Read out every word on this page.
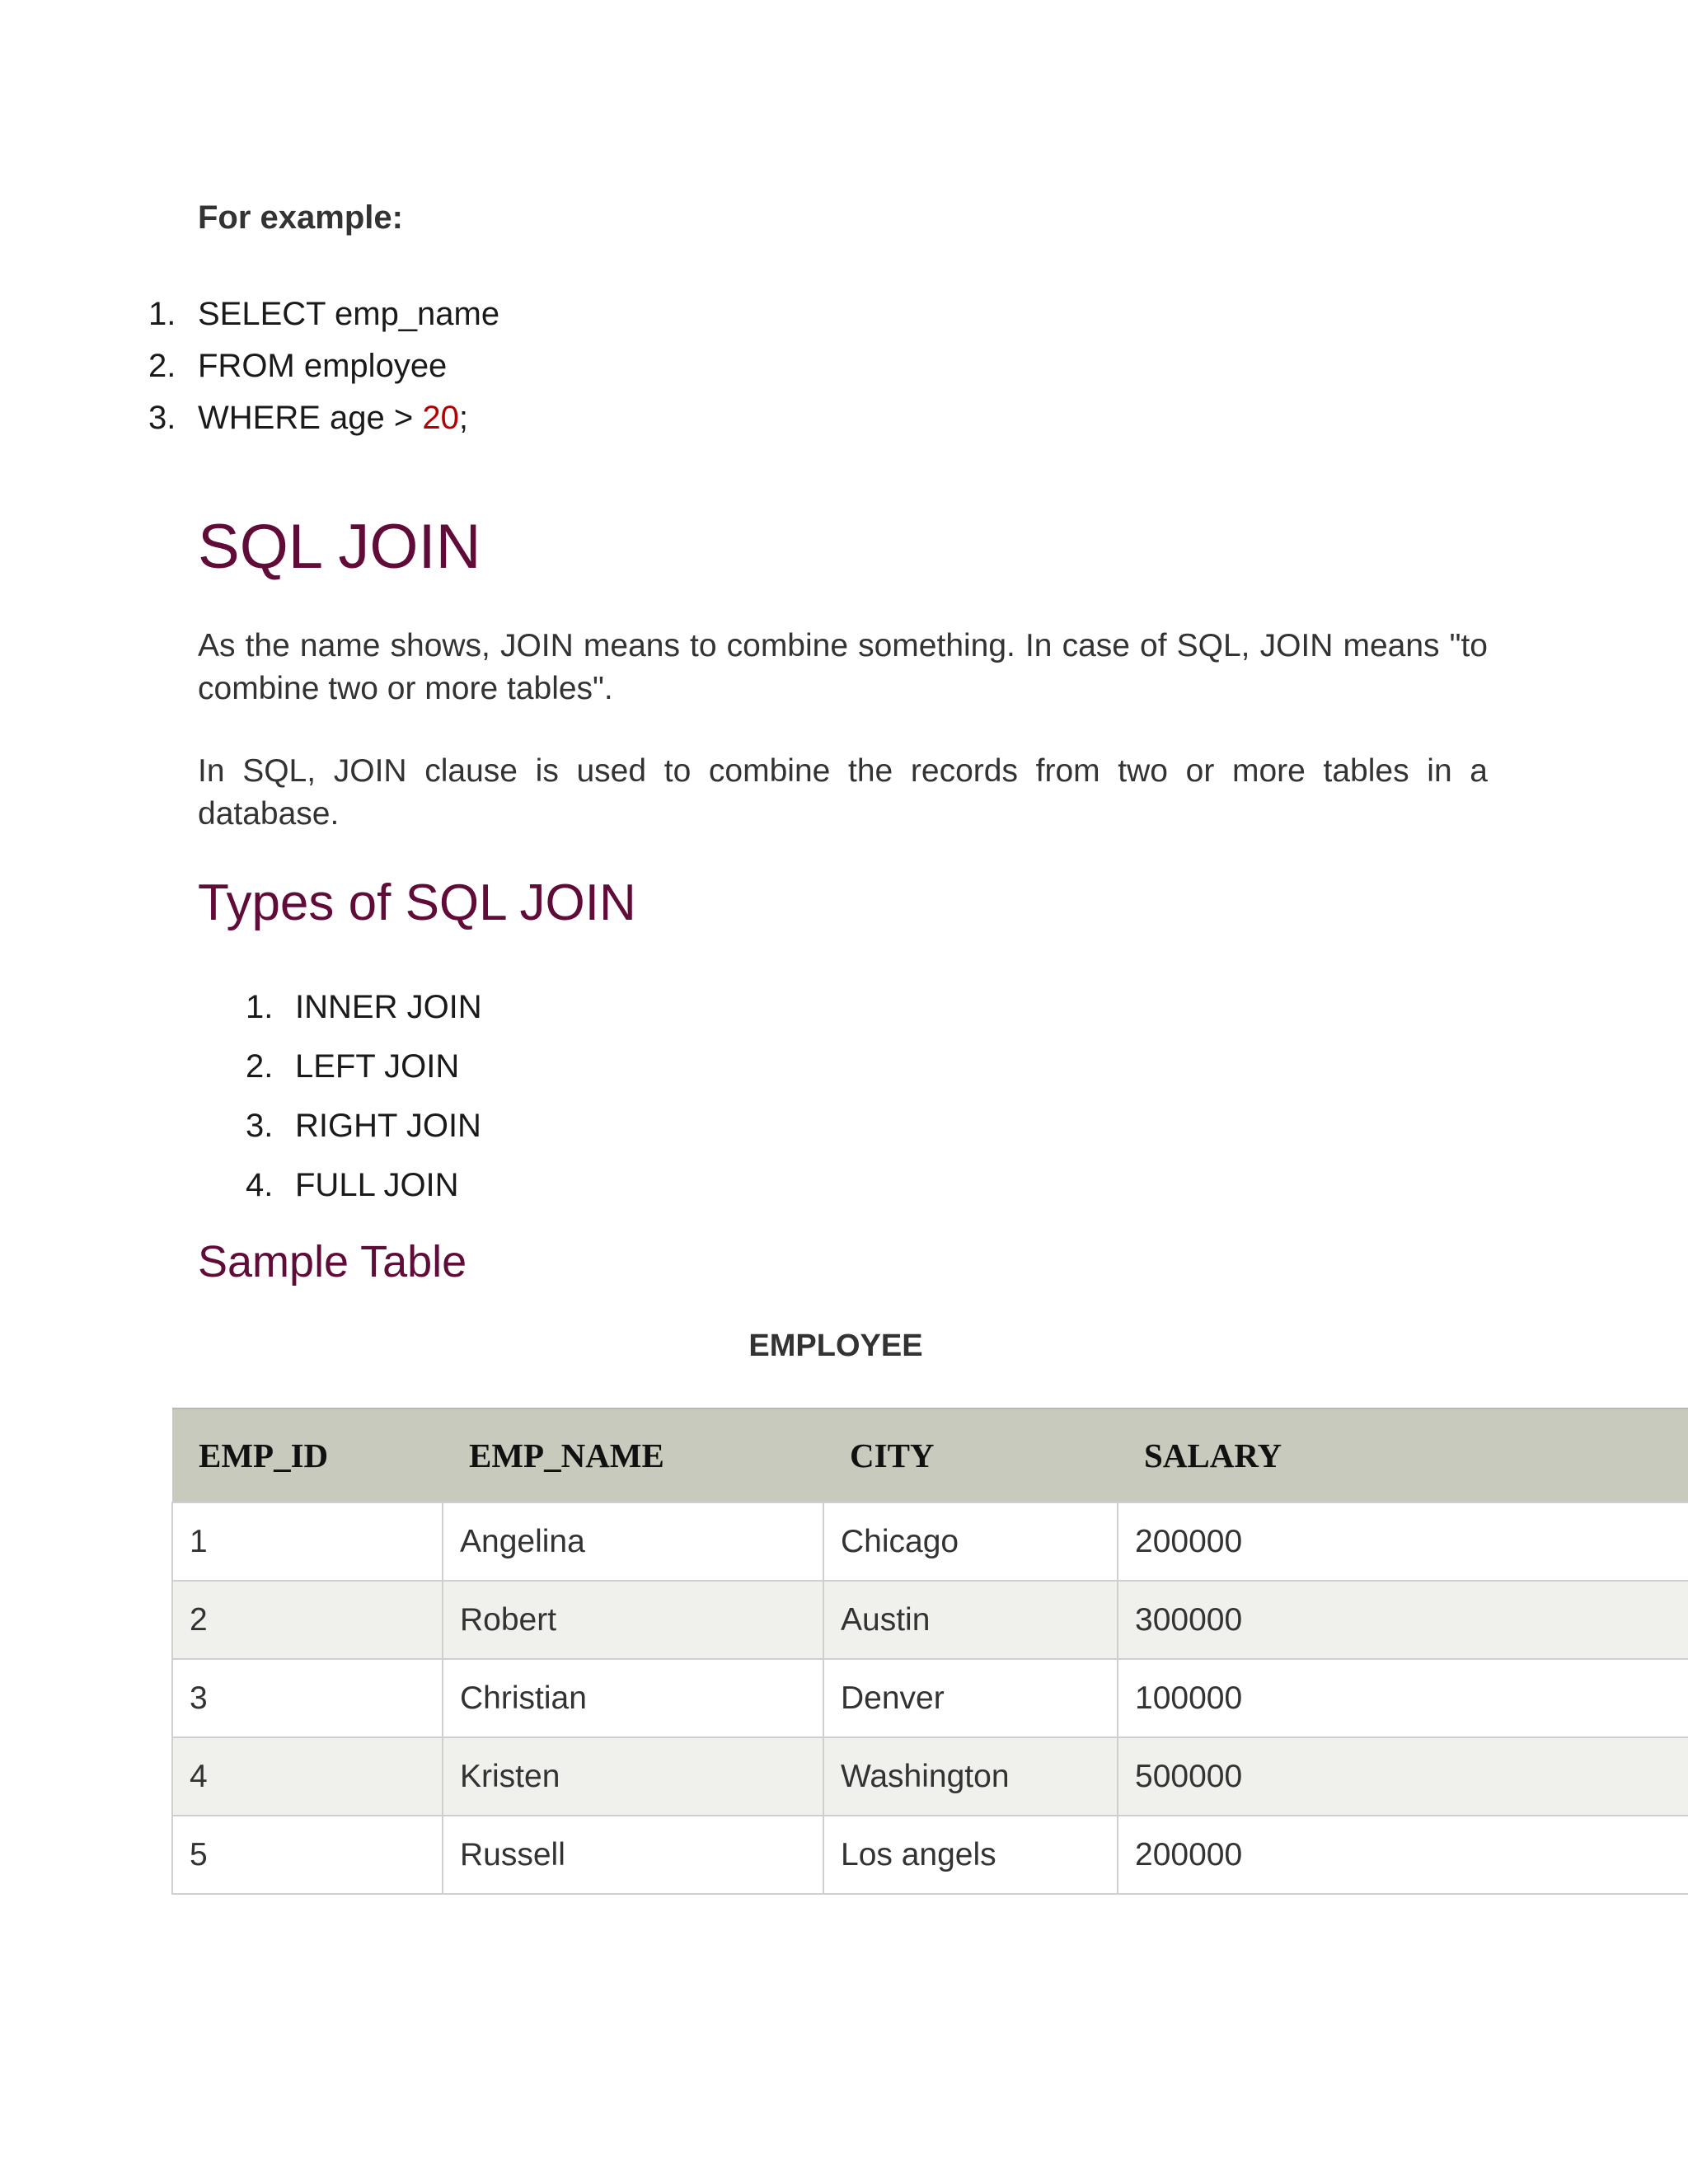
For example:
1. SELECT emp_name
2. FROM employee
3. WHERE age > 20;
SQL JOIN

As the name shows, JOIN means to combine something. In case of SQL, JOIN means "to combine two or more tables".

In SQL, JOIN clause is used to combine the records from two or more tables in a database.

Types of SQL JOIN
1. INNER JOIN
2. LEFT JOIN
3. RIGHT JOIN
4. FULL JOIN
Sample Table
EMPLOYEE
EMP_ID	EMP_NAME	CITY	SALARY
1	Angelina	Chicago	200000
2	Robert	Austin	300000
3	Christian	Denver	100000
4	Kristen	Washington	500000
5	Russell	Los angels	200000
